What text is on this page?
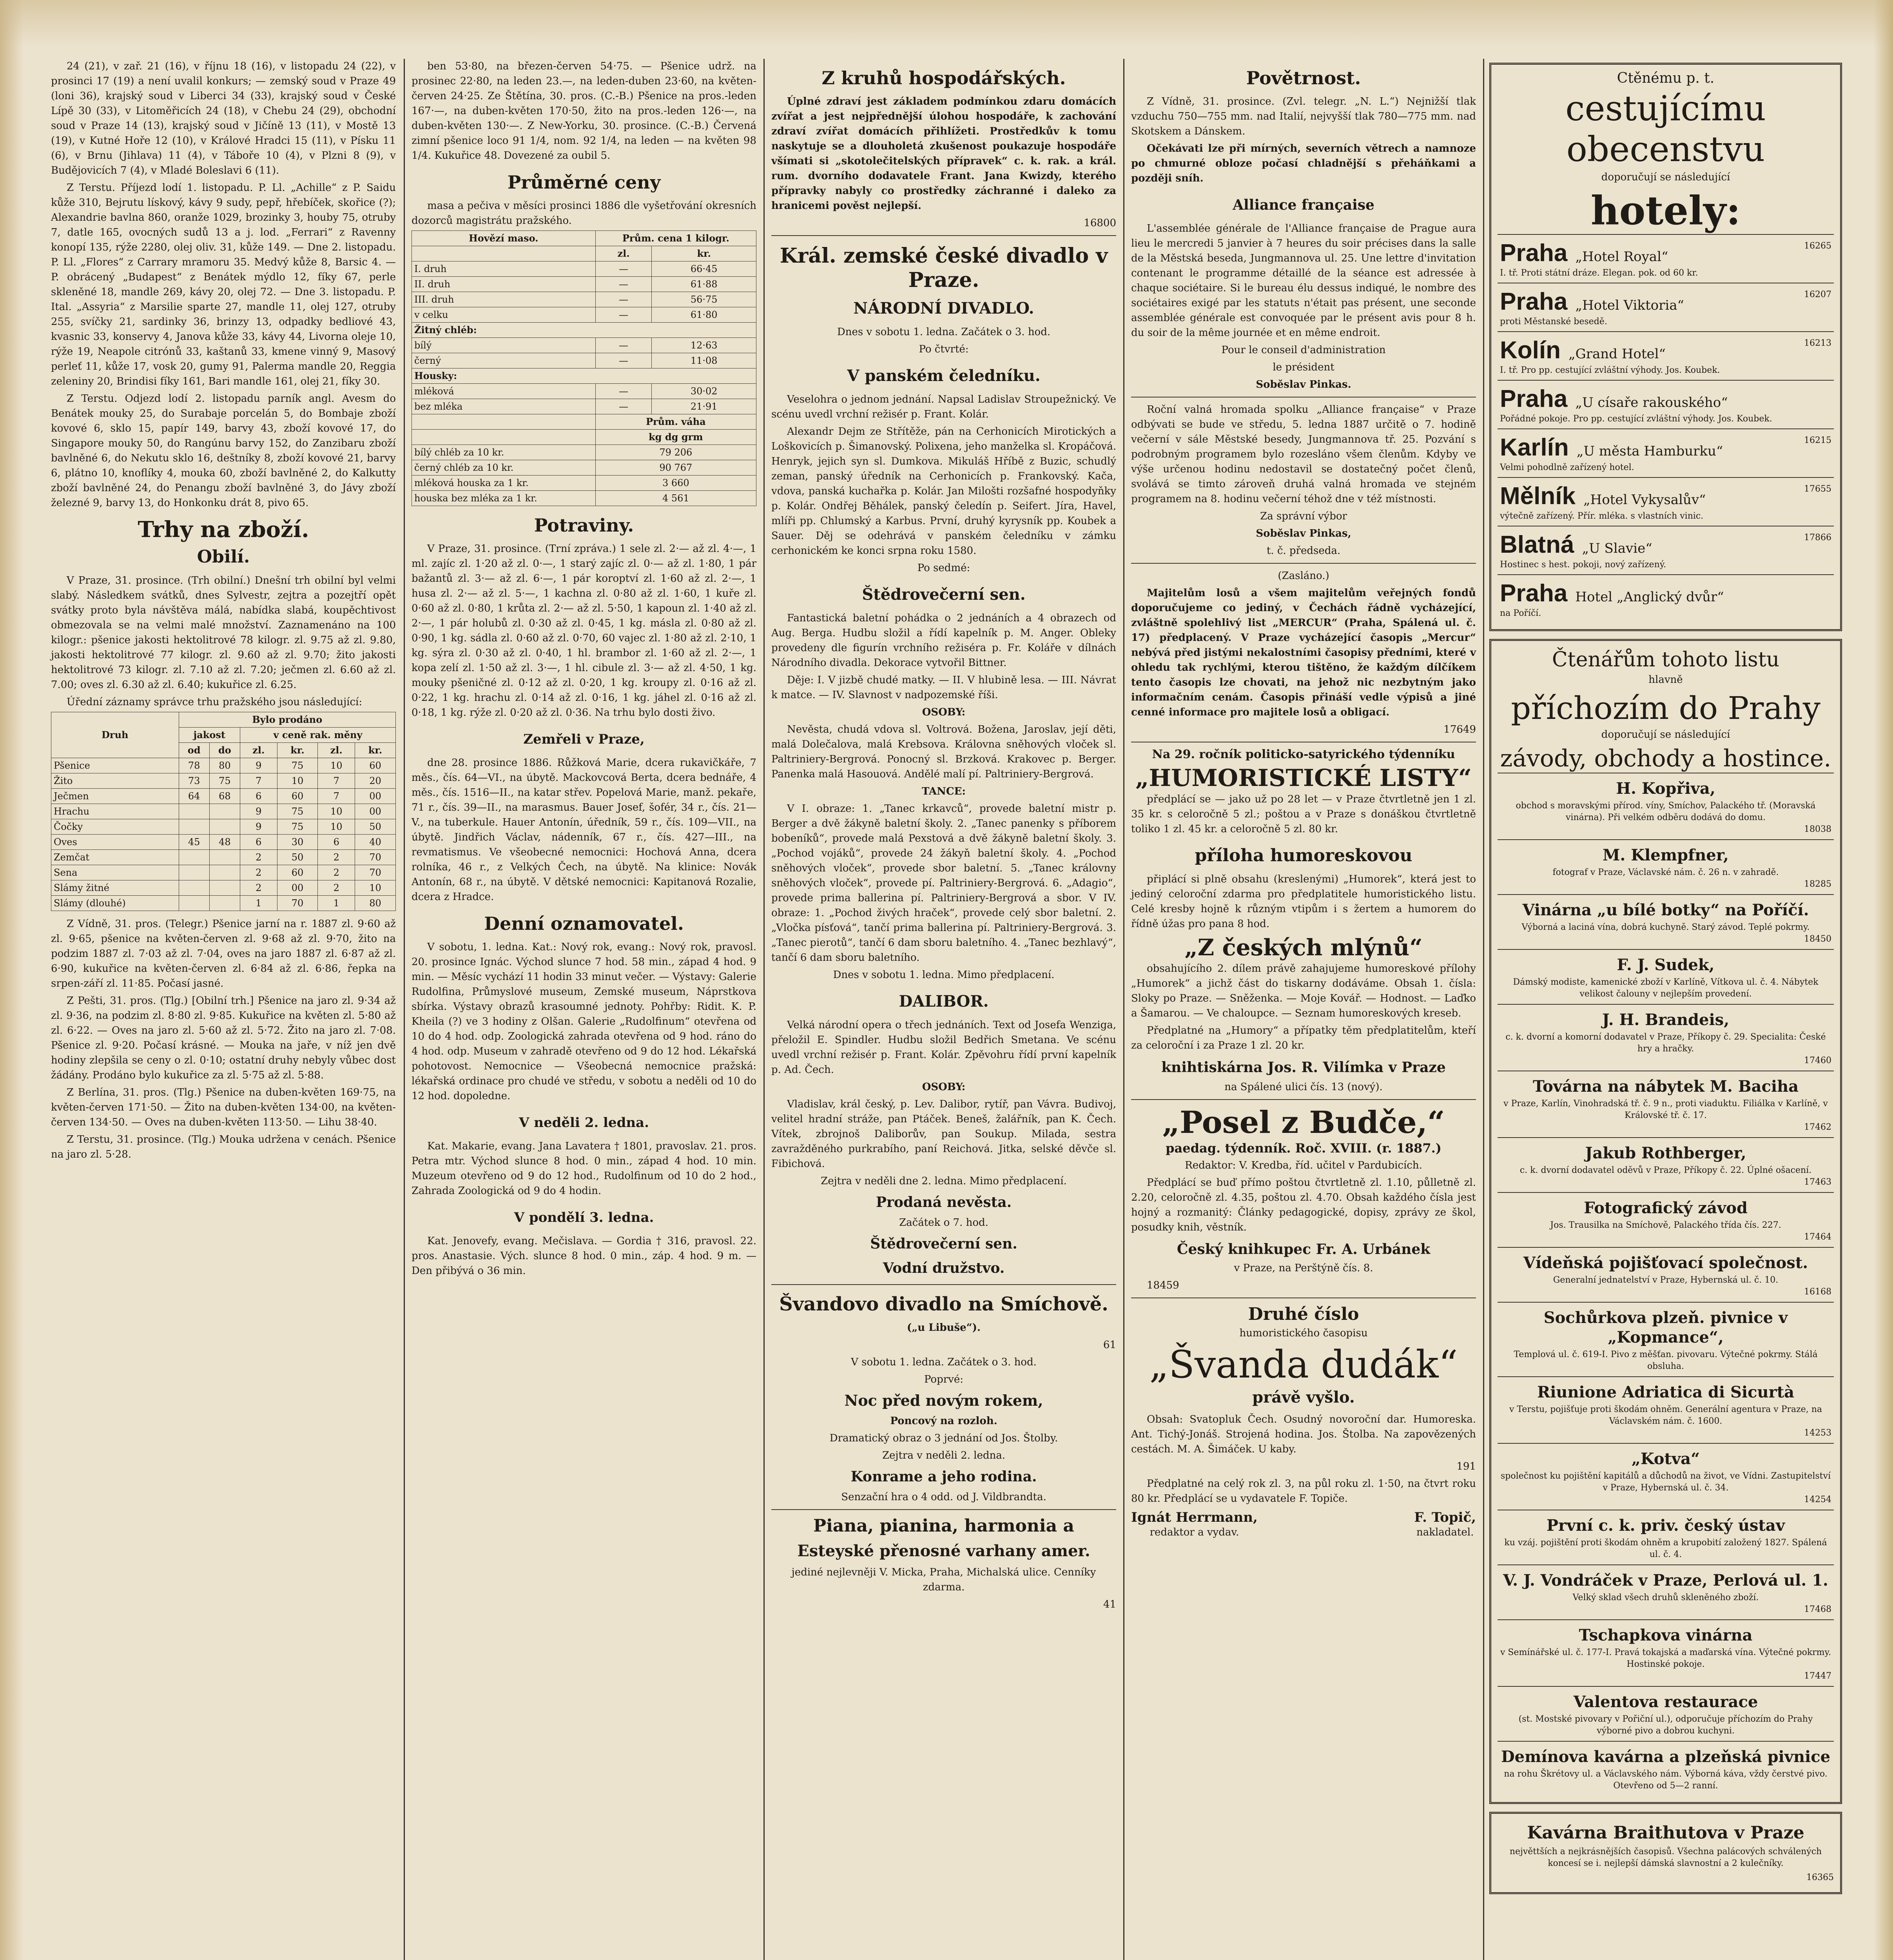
24 (21), v zař. 21 (16), v říjnu 18 (16), v listopadu 24 (22), v prosinci 17 (19) a není uvalil konkurs; — zemský soud v Praze 49 (loni 36), krajský soud v Liberci 34 (33), krajský soud v České Lípě 30 (33), v Litoměřicích 24 (18), v Chebu 24 (29), obchodní soud v Praze 14 (13), krajský soud v Jičíně 13 (11), v Mostě 13 (19), v Kutné Hoře 12 (10), v Králové Hradci 15 (11), v Písku 11 (6), v Brnu (Jihlava) 11 (4), v Táboře 10 (4), v Plzni 8 (9), v Budějovicích 7 (4), v Mladé Boleslavi 6 (11).

Z Terstu. Příjezd lodí 1. listopadu. P. Ll. „Achille“ z P. Saidu kůže 310, Bejrutu lískový, kávy 9 sudy, pepř, hřebíček, skořice (?); Alexandrie bavlna 860, oranže 1029, brozinky 3, houby 75, otruby 7, datle 165, ovocných sudů 13 a j. lod. „Ferrari“ z Ravenny konopí 135, rýže 2280, olej oliv. 31, kůže 149. — Dne 2. listopadu. P. Ll. „Flores“ z Carrary mramoru 35. Medvý kůže 8, Barsic 4. — P. obrácený „Budapest“ z Benátek mýdlo 12, fíky 67, perle skleněné 18, mandle 269, kávy 20, olej 72. — Dne 3. listopadu. P. Ital. „Assyria“ z Marsilie sparte 27, mandle 11, olej 127, otruby 255, svíčky 21, sardinky 36, brinzy 13, odpadky bedliové 43, kvasnic 33, konservy 4, Janova kůže 33, kávy 44, Livorna oleje 10, rýže 19, Neapole citrónů 33, kaštanů 33, kmene vinný 9, Masový perleť 11, kůže 17, vosk 20, gumy 91, Palerma mandle 20, Reggia zeleniny 20, Brindisi fíky 161, Bari mandle 161, olej 21, fíky 30.

Z Terstu. Odjezd lodí 2. listopadu parník angl. Avesm do Benátek mouky 25, do Surabaje porcelán 5, do Bombaje zboží kovové 6, sklo 15, papír 149, barvy 43, zboží kovové 17, do Singapore mouky 50, do Rangúnu barvy 152, do Zanzibaru zboží bavlněné 6, do Nekutu sklo 16, deštníky 8, zboží kovové 21, barvy 6, plátno 10, knoflíky 4, mouka 60, zboží bavlněné 2, do Kalkutty zboží bavlněné 24, do Penangu zboží bavlněné 3, do Jávy zboží železné 9, barvy 13, do Honkonku drát 8, pivo 65.

Trhy na zboží.
Obilí.

V Praze, 31. prosince. (Trh obilní.) Dnešní trh obilní byl velmi slabý. Následkem svátků, dnes Sylvestr, zejtra a pozejtří opět svátky proto byla návštěva málá, nabídka slabá, koupěchtivost obmezovala se na velmi malé množství. Zaznamenáno na 100 kilogr.: pšenice jakosti hektolitrové 78 kilogr. zl. 9.75 až zl. 9.80, jakosti hektolitrové 77 kilogr. zl. 9.60 až zl. 9.70; žito jakosti hektolitrové 73 kilogr. zl. 7.10 až zl. 7.20; ječmen zl. 6.60 až zl. 7.00; oves zl. 6.30 až zl. 6.40; kukuřice zl. 6.25.

Úřední záznamy správce trhu pražského jsou následující:

Druh	Bylo prodáno					
	jakost		v ceně rak. měny			
	od	do	zl.	kr.	zl.	kr.
Pšenice	78	80	9	75	10	60
Žito	73	75	7	10	7	20
Ječmen	64	68	6	60	7	00
Hrachu			9	75	10	00
Čočky			9	75	10	50
Oves	45	48	6	30	6	40
Zemčat			2	50	2	70
Sena			2	60	2	70
Slámy žitné			2	00	2	10
Slámy (dlouhé)			1	70	1	80

Z Vídně, 31. pros. (Telegr.) Pšenice jarní na r. 1887 zl. 9·60 až zl. 9·65, pšenice na květen-červen zl. 9·68 až zl. 9·70, žito na podzim 1887 zl. 7·03 až zl. 7·04, oves na jaro 1887 zl. 6·87 až zl. 6·90, kukuřice na květen-červen zl. 6·84 až zl. 6·86, řepka na srpen-září zl. 11·85. Počasí jasné.

Z Pešti, 31. pros. (Tlg.) [Obilní trh.] Pšenice na jaro zl. 9·34 až zl. 9·36, na podzim zl. 8·80 zl. 9·85. Kukuřice na květen zl. 5·80 až zl. 6·22. — Oves na jaro zl. 5·60 až zl. 5·72. Žito na jaro zl. 7·08. Pšenice zl. 9·20. Počasí krásné. — Mouka na jaře, v níž jen dvě hodiny zlepšila se ceny o zl. 0·10; ostatní druhy nebyly vůbec dost žádány. Prodáno bylo kukuřice za zl. 5·75 až zl. 5·88.

Z Berlína, 31. pros. (Tlg.) Pšenice na duben-květen 169·75, na květen-červen 171·50. — Žito na duben-květen 134·00, na květen-červen 134·50. — Oves na duben-květen 113·50. — Lihu 38·40.

Z Terstu, 31. prosince. (Tlg.) Mouka udržena v cenách. Pšenice na jaro zl. 5·28.

ben 53·80, na březen-červen 54·75. — Pšenice udrž. na prosinec 22·80, na leden 23.—, na leden-duben 23·60, na květen-červen 24·25. Ze Štětína, 30. pros. (C.-B.) Pšenice na pros.-leden 167·—, na duben-květen 170·50, žito na pros.-leden 126·—, na duben-květen 130·—. Z New-Yorku, 30. prosince. (C.-B.) Červená zimní pšenice loco 91 1/4, nom. 92 1/4, na leden — na květen 98 1/4. Kukuřice 48. Dovezené za oubil 5.

Průměrné ceny

masa a pečiva v měsíci prosinci 1886 dle vyšetřování okresních dozorců magistrátu pražského.

Hovězí maso.	Prům. cena 1 kilogr.	
	zl.	kr.
I. druh	—	66·45
II. druh	—	61·88
III. druh	—	56·75
v celku	—	61·80
Žitný chléb:		
bílý	—	12·63
černý	—	11·08
Housky:		
mléková	—	30·02
bez mléka	—	21·91
	Prům. váha	
	kg dg grm	
bílý chléb za 10 kr.	79 206	
černý chléb za 10 kr.	90 767	
mléková houska za 1 kr.	3 660	
houska bez mléka za 1 kr.	4 561	
Potraviny.

V Praze, 31. prosince. (Trní zpráva.) 1 sele zl. 2·— až zl. 4·—, 1 ml. zajíc zl. 1·20 až zl. 0·—, 1 starý zajíc zl. 0·— až zl. 1·80, 1 pár bažantů zl. 3·— až zl. 6·—, 1 pár koroptví zl. 1·60 až zl. 2·—, 1 husa zl. 2·— až zl. 5·—, 1 kachna zl. 0·80 až zl. 1·60, 1 kuře zl. 0·60 až zl. 0·80, 1 krůta zl. 2·— až zl. 5·50, 1 kapoun zl. 1·40 až zl. 2·—, 1 pár holubů zl. 0·30 až zl. 0·45, 1 kg. másla zl. 0·80 až zl. 0·90, 1 kg. sádla zl. 0·60 až zl. 0·70, 60 vajec zl. 1·80 až zl. 2·10, 1 kg. sýra zl. 0·30 až zl. 0·40, 1 hl. brambor zl. 1·60 až zl. 2·—, 1 kopa zelí zl. 1·50 až zl. 3·—, 1 hl. cibule zl. 3·— až zl. 4·50, 1 kg. mouky pšeničné zl. 0·12 až zl. 0·20, 1 kg. kroupy zl. 0·16 až zl. 0·22, 1 kg. hrachu zl. 0·14 až zl. 0·16, 1 kg. jáhel zl. 0·16 až zl. 0·18, 1 kg. rýže zl. 0·20 až zl. 0·36. Na trhu bylo dosti živo.

Zemřeli v Praze,

dne 28. prosince 1886. Růžková Marie, dcera rukavičkáře, 7 měs., čís. 64—VI., na úbytě. Mackovcová Berta, dcera bednáře, 4 měs., čís. 1516—II., na katar střev. Popelová Marie, manž. pekaře, 71 r., čís. 39—II., na marasmus. Bauer Josef, šofér, 34 r., čís. 21—V., na tuberkule. Hauer Antonín, úředník, 59 r., čís. 109—VII., na úbytě. Jindřich Václav, nádenník, 67 r., čís. 427—III., na revmatismus. Ve všeobecné nemocnici: Hochová Anna, dcera rolníka, 46 r., z Velkých Čech, na úbytě. Na klinice: Novák Antonín, 68 r., na úbytě. V dětské nemocnici: Kapitanová Rozalie, dcera z Hradce.

Denní oznamovatel.

V sobotu, 1. ledna. Kat.: Nový rok, evang.: Nový rok, pravosl. 20. prosince Ignác. Východ slunce 7 hod. 58 min., západ 4 hod. 9 min. — Měsíc vychází 11 hodin 33 minut večer. — Výstavy: Galerie Rudolfina, Průmyslové museum, Zemské museum, Náprstkova sbírka. Výstavy obrazů krasoumné jednoty. Pohřby: Ridit. K. P. Kheila (?) ve 3 hodiny z Olšan. Galerie „Rudolfinum“ otevřena od 10 do 4 hod. odp. Zoologická zahrada otevřena od 9 hod. ráno do 4 hod. odp. Museum v zahradě otevřeno od 9 do 12 hod. Lékařská pohotovost. Nemocnice — Všeobecná nemocnice pražská: lékařská ordinace pro chudé ve středu, v sobotu a neděli od 10 do 12 hod. dopoledne.

V neděli 2. ledna.

Kat. Makarie, evang. Jana Lavatera † 1801, pravoslav. 21. pros. Petra mtr. Východ slunce 8 hod. 0 min., západ 4 hod. 10 min. Muzeum otevřeno od 9 do 12 hod., Rudolfinum od 10 do 2 hod., Zahrada Zoologická od 9 do 4 hodin.

V pondělí 3. ledna.

Kat. Jenovefy, evang. Mečislava. — Gordia † 316, pravosl. 22. pros. Anastasie. Vých. slunce 8 hod. 0 min., záp. 4 hod. 9 m. — Den přibývá o 36 min.

Z kruhů hospodářských.

Úplné zdraví jest základem podmínkou zdaru domácích zvířat a jest nejpřednější úlohou hospodáře, k zachování zdraví zvířat domácích přihlížeti. Prostředkův k tomu naskytuje se a dlouholetá zkušenost poukazuje hospodáře všímati si „skotolečitelských přípravek“ c. k. rak. a král. rum. dvorního dodavatele Frant. Jana Kwizdy, kterého přípravky nabyly co prostředky záchranné i daleko za hranicemi pověst nejlepší.

16800

Král. zemské české divadlo v Praze.
NÁRODNÍ DIVADLO.

Dnes v sobotu 1. ledna. Začátek o 3. hod.

Po čtvrté:

V panském čeledníku.

Veselohra o jednom jednání. Napsal Ladislav Stroupežnický. Ve scénu uvedl vrchní režisér p. Frant. Kolár.

Alexandr Dejm ze Střítěže, pán na Cerhonicích Mirotických a Loškovicích p. Šimanovský. Polixena, jeho manželka sl. Kropáčová. Henryk, jejich syn sl. Dumkova. Mikuláš Hříbě z Buzic, schudlý zeman, panský úředník na Cerhonicích p. Frankovský. Kača, vdova, panská kuchařka p. Kolár. Jan Milošti rozšafné hospodyňky p. Kolár. Ondřej Běhálek, panský čeledín p. Seifert. Jíra, Havel, mlíři pp. Chlumský a Karbus. První, druhý kyrysník pp. Koubek a Sauer. Děj se odehrává v panském čeledníku v zámku cerhonickém ke konci srpna roku 1580.

Po sedmé:

Štědrovečerní sen.

Fantastická baletní pohádka o 2 jednáních a 4 obrazech od Aug. Berga. Hudbu složil a řídí kapelník p. M. Anger. Obleky provedeny dle figurín vrchního režiséra p. Fr. Koláře v dílnách Národního divadla. Dekorace vytvořil Bittner.

Děje: I. V jizbě chudé matky. — II. V hlubině lesa. — III. Návrat k matce. — IV. Slavnost v nadpozemské říši.

OSOBY:

Nevěsta, chudá vdova sl. Voltrová. Božena, Jaroslav, její děti, malá Dolečalova, malá Krebsova. Královna sněhových vloček sl. Paltriniery-Bergrová. Ponocný sl. Brzková. Krakovec p. Berger. Panenka malá Hasouová. Andělé malí pí. Paltriniery-Bergrová.

TANCE:

V I. obraze: 1. „Tanec krkavců“, provede baletní mistr p. Berger a dvě žákyně baletní školy. 2. „Tanec panenky s příborem bobeníků“, provede malá Pexstová a dvě žákyně baletní školy. 3. „Pochod vojáků“, provede 24 žákyň baletní školy. 4. „Pochod sněhových vloček“, provede sbor baletní. 5. „Tanec královny sněhových vloček“, provede pí. Paltriniery-Bergrová. 6. „Adagio“, provede prima ballerina pí. Paltriniery-Bergrová a sbor. V IV. obraze: 1. „Pochod živých hraček“, provede celý sbor baletní. 2. „Vločka písťová“, tančí prima ballerina pí. Paltriniery-Bergrová. 3. „Tanec pierotů“, tančí 6 dam sboru baletního. 4. „Tanec bezhlavý“, tančí 6 dam sboru baletního.

Dnes v sobotu 1. ledna. Mimo předplacení.

DALIBOR.

Velká národní opera o třech jednáních. Text od Josefa Wenziga, přeložil E. Spindler. Hudbu složil Bedřich Smetana. Ve scénu uvedl vrchní režisér p. Frant. Kolár. Zpěvohru řídí první kapelník p. Ad. Čech.

OSOBY:

Vladislav, král český, p. Lev. Dalibor, rytíř, pan Vávra. Budivoj, velitel hradní stráže, pan Ptáček. Beneš, žalářník, pan K. Čech. Vítek, zbrojnoš Daliborův, pan Soukup. Milada, sestra zavražděného purkrabího, paní Reichová. Jitka, selské děvče sl. Fibichová.

Zejtra v neděli dne 2. ledna. Mimo předplacení.

Prodaná nevěsta.

Začátek o 7. hod.

Štědrovečerní sen.
Vodní družstvo.
Švandovo divadlo na Smíchově.

(„u Libuše“).

61

V sobotu 1. ledna. Začátek o 3. hod.

Poprvé:

Noc před novým rokem,

Poncový na rozloh.

Dramatický obraz o 3 jednání od Jos. Štolby.

Zejtra v neděli 2. ledna.

Konrame a jeho rodina.

Senzační hra o 4 odd. od J. Vildbrandta.

Piana, pianina, harmonia a
Esteyské přenosné varhany amer.

jediné nejlevněji V. Micka, Praha, Michalská ulice. Cenníky zdarma.

41

Povětrnost.

Z Vídně, 31. prosince. (Zvl. telegr. „N. L.“) Nejnižší tlak vzduchu 750—755 mm. nad Italií, nejvyšší tlak 780—775 mm. nad Skotskem a Dánskem.

Očekávati lze při mírných, severních větrech a namnoze po chmurné obloze počasí chladnější s přeháňkami a později sníh.

Alliance française

L'assemblée générale de l'Alliance française de Prague aura lieu le mercredi 5 janvier à 7 heures du soir précises dans la salle de la Městská beseda, Jungmannova ul. 25. Une lettre d'invitation contenant le programme détaillé de la séance est adressée à chaque sociétaire. Si le bureau élu dessus indiqué, le nombre des sociétaires exigé par les statuts n'était pas présent, une seconde assemblée générale est convoquée par le présent avis pour 8 h. du soir de la même journée et en même endroit.

Pour le conseil d'administration

le président

Soběslav Pinkas.

Roční valná hromada spolku „Alliance française“ v Praze odbývati se bude ve středu, 5. ledna 1887 určitě o 7. hodině večerní v sále Městské besedy, Jungmannova tř. 25. Pozvání s podrobným programem bylo rozesláno všem členům. Kdyby ve výše určenou hodinu nedostavil se dostatečný počet členů, svolává se timto zároveň druhá valná hromada ve stejném programem na 8. hodinu večerní téhož dne v též místnosti.

Za správní výbor

Soběslav Pinkas,

t. č. předseda.

(Zasláno.)

Majitelům losů a všem majitelům veřejných fondů doporučujeme co jediný, v Čechách řádně vycházející, zvláštně spolehlivý list „MERCUR“ (Praha, Spálená ul. č. 17) předplacený. V Praze vycházející časopis „Mercur“ nebývá před jistými nekalostními časopisy předními, které v ohledu tak rychlými, kterou tištěno, že každým dílčíkem tento časopis lze chovati, na jehož nic nezbytným jako informačním cenám. Časopis přináší vedle výpisů a jiné cenné informace pro majitele losů a obligací.

17649

Na 29. ročník politicko-satyrického týdenníku

„HUMORISTICKÉ LISTY“

předplácí se — jako už po 28 let — v Praze čtvrtletně jen 1 zl. 35 kr. s celoročně 5 zl.; poštou a v Praze s donáškou čtvrtletně toliko 1 zl. 45 kr. a celoročně 5 zl. 80 kr.

příloha humoreskovou

připlácí si plně obsahu (kreslenými) „Humorek“, která jest to jediný celoroční zdarma pro předplatitele humoristického listu. Celé kresby hojně k různým vtipům i s žertem a humorem do řídně úžas pro pana 8 hod.

„Z českých mlýnů“

obsahujícího 2. dílem právě zahajujeme humoreskové přílohy „Humorek“ a jichž část do tiskarny dodáváme. Obsah 1. čísla: Sloky po Praze. — Sněženka. — Moje Kovář. — Hodnost. — Laďko a Šamarou. — Ve chaloupce. — Seznam humoreskových kreseb.

Předplatné na „Humory“ a přípatky těm předplatitelům, kteří za celoroční i za Praze 1 zl. 20 kr.

knihtiskárna Jos. R. Vilímka v Praze

na Spálené ulici čís. 13 (nový).

„Posel z Budče,“

paedag. týdenník. Roč. XVIII. (r. 1887.)

Redaktor: V. Kredba, říd. učitel v Pardubicích.

Předplácí se buď přímo poštou čtvrtletně zl. 1.10, půlletně zl. 2.20, celoročně zl. 4.35, poštou zl. 4.70. Obsah každého čísla jest hojný a rozmanitý: Články pedagogické, dopisy, zprávy ze škol, posudky knih, věstník.

Český knihkupec Fr. A. Urbánek

v Praze, na Perštýně čís. 8.

18459

Druhé číslo

humoristického časopisu

„Švanda dudák“
právě vyšlo.

Obsah: Svatopluk Čech. Osudný novoroční dar. Humoreska. Ant. Tichý-Jonáš. Strojená hodina. Jos. Štolba. Na zapovězených cestách. M. A. Šimáček. U kaby.

191

Předplatné na celý rok zl. 3, na půl roku zl. 1·50, na čtvrt roku 80 kr. Předplácí se u vydavatele F. Topiče.

Ignát Herrmann,
redaktor a vydav.
F. Topič,
nakladatel.

Ctěnému p. t.

cestujícímu obecenstvu

doporučují se následující

hotely:
16265
Praha „Hotel Royal“
I. tř. Proti státní dráze. Elegan. pok. od 60 kr.
16207
Praha „Hotel Viktoria“
proti Městanské besedě.
16213
Kolín „Grand Hotel“
I. tř. Pro pp. cestující zvláštní výhody. Jos. Koubek.
Praha „U císaře rakouského“
Pořádné pokoje. Pro pp. cestující zvláštní výhody. Jos. Koubek.
16215
Karlín „U města Hamburku“
Velmi pohodlně zařízený hotel.
17655
Mělník „Hotel Vykysalův“
výtečně zařízený. Přír. mléka. s vlastních vinic.
17866
Blatná „U Slavie“
Hostinec s hest. pokoji, nový zařízený.
Praha Hotel „Anglický dvůr“
na Poříčí.
Čtenářům tohoto listu

hlavně

příchozím do Prahy

doporučují se následující

závody, obchody a hostince.
H. Kopřiva,
obchod s moravskými přírod. víny, Smíchov, Palackého tř. (Moravská vinárna). Při velkém odběru dodává do domu.
18038
M. Klempfner,
fotograf v Praze, Václavské nám. č. 26 n. v zahradě.
18285
Vinárna „u bílé botky“ na Poříčí.
Výborná a laciná vína, dobrá kuchyně. Starý závod. Teplé pokrmy.
18450
F. J. Sudek,
Dámský modiste, kamenické zboží v Karlíně, Vítkova ul. č. 4. Nábytek velikost čalouny v nejlepším provedení.
J. H. Brandeis,
c. k. dvorní a komorní dodavatel v Praze, Příkopy č. 29. Specialita: České hry a hračky.
17460
Továrna na nábytek M. Baciha
v Praze, Karlín, Vinohradská tř. č. 9 n., proti viaduktu. Filiálka v Karlíně, v Královské tř. č. 17.
17462
Jakub Rothberger,
c. k. dvorní dodavatel oděvů v Praze, Příkopy č. 22. Úplné ošacení.
17463
Fotografický závod
Jos. Trausilka na Smíchově, Palackého třída čís. 227.
17464
Vídeňská pojišťovací společnost.
Generalní jednatelství v Praze, Hybernská ul. č. 10.
16168
Sochůrkova plzeň. pivnice v „Kopmance“,
Templová ul. č. 619-I. Pivo z měšťan. pivovaru. Výtečné pokrmy. Stálá obsluha.
Riunione Adriatica di Sicurtà
v Terstu, pojišťuje proti škodám ohněm. Generální agentura v Praze, na Václavském nám. č. 1600.
14253
„Kotva“
společnost ku pojištění kapitálů a důchodů na život, ve Vídni. Zastupitelství v Praze, Hybernská ul. č. 34.
14254
První c. k. priv. český ústav
ku vzáj. pojištění proti škodám ohněm a krupobití založený 1827. Spálená ul. č. 4.
V. J. Vondráček v Praze, Perlová ul. 1.
Velký sklad všech druhů skleněného zboží.
17468
Tschapkova vinárna
v Semínářské ul. č. 177-I. Pravá tokajská a maďarská vína. Výtečné pokrmy. Hostinské pokoje.
17447
Valentova restaurace
(st. Mostské pivovary v Pořiční ul.), odporučuje příchozím do Prahy výborné pivo a dobrou kuchyni.
Demínova kavárna a plzeňská pivnice
na rohu Škrétovy ul. a Václavského nám. Výborná káva, vždy čerstvé pivo. Otevřeno od 5—2 ranní.
Kavárna Braithutova v Praze

největtších a nejkrásnějších časopisů. Všechna palácových schválených koncesí se i. nejlepší dámská slavnostní a 2 kulečníky.

16365
